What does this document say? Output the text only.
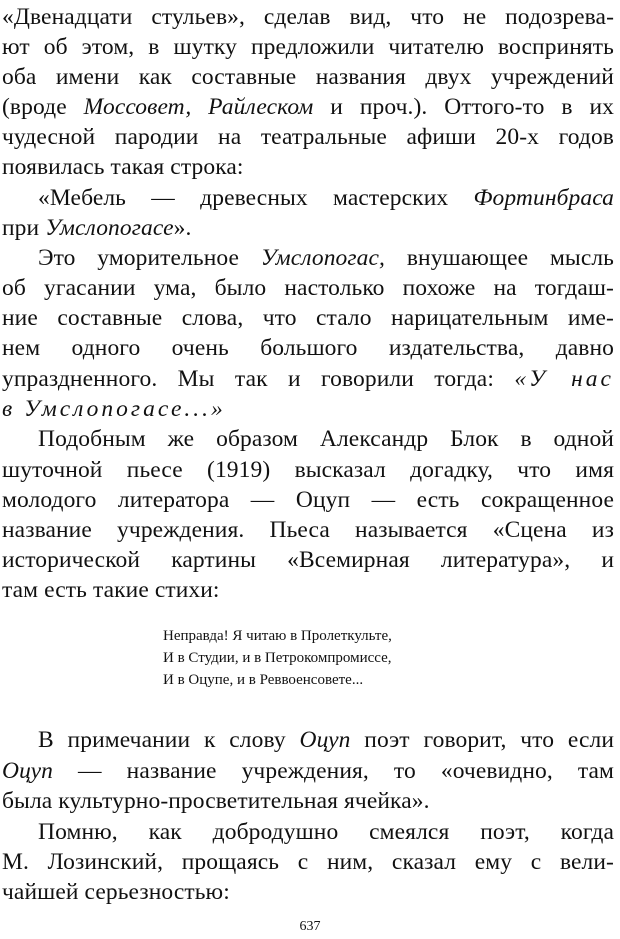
«Двенадцати стульев», сделав вид, что не подозрева-
ют об этом, в шутку предложили читателю воспринять
оба имени как составные названия двух учреждений
(вроде Моссовет, Райлеском и проч.). Оттого-то в их
чудесной пародии на театральные афиши 20-х годов
появилась такая строка:
«Мебель — древесных мастерских Фортинбраса
при Умслопогасе».
Это уморительное Умслопогас, внушающее мысль
об угасании ума, было настолько похоже на тогдаш-
ние составные слова, что стало нарицательным име-
нем одного очень большого издательства, давно
упраздненного. Мы так и говорили тогда: «У нас
в Умслопогасе...»
Подобным же образом Александр Блок в одной
шуточной пьесе (1919) высказал догадку, что имя
молодого литератора — Оцуп — есть сокращенное
название учреждения. Пьеса называется «Сцена из
исторической картины «Всемирная литература», и
там есть такие стихи:
Неправда! Я читаю в Пролеткульте,
И в Студии, и в Петрокомпромиссе,
И в Оцупе, и в Реввоенсовете...
В примечании к слову Оцуп поэт говорит, что если
Оцуп — название учреждения, то «очевидно, там
была культурно-просветительная ячейка».
Помню, как добродушно смеялся поэт, когда
М. Лозинский, прощаясь с ним, сказал ему с вели-
чайшей серьезностью:
637
